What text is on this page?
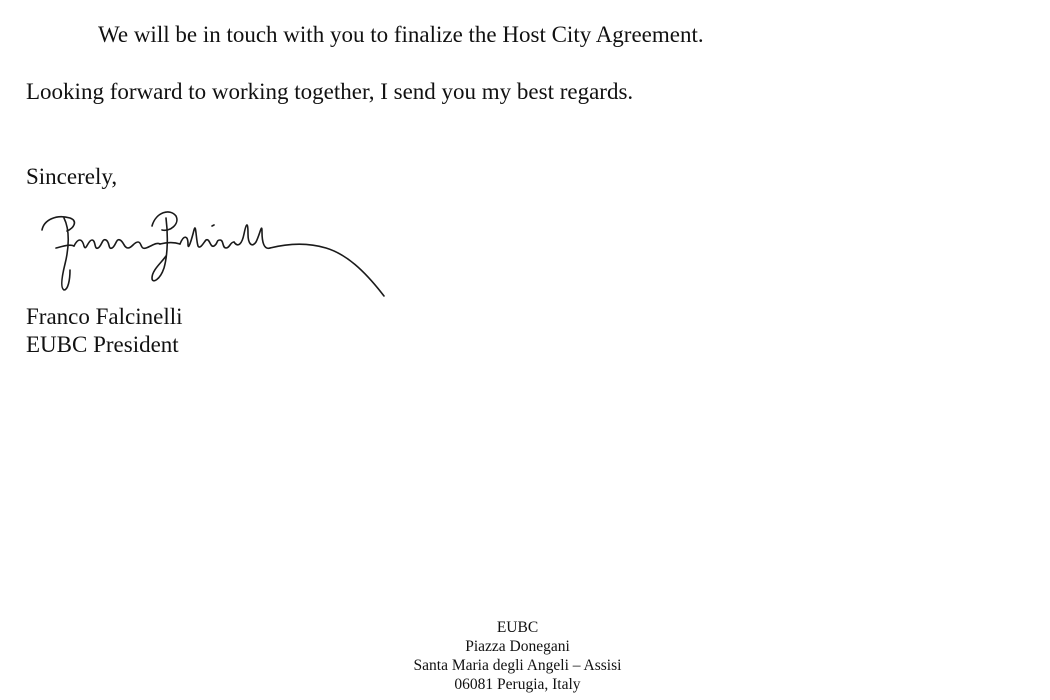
We will be in touch with you to finalize the Host City Agreement.
Looking forward to working together, I send you my best regards.
Sincerely,
Franco Falcinelli
EUBC President
EUBC
Piazza Donegani
Santa Maria degli Angeli – Assisi
06081 Perugia, Italy
